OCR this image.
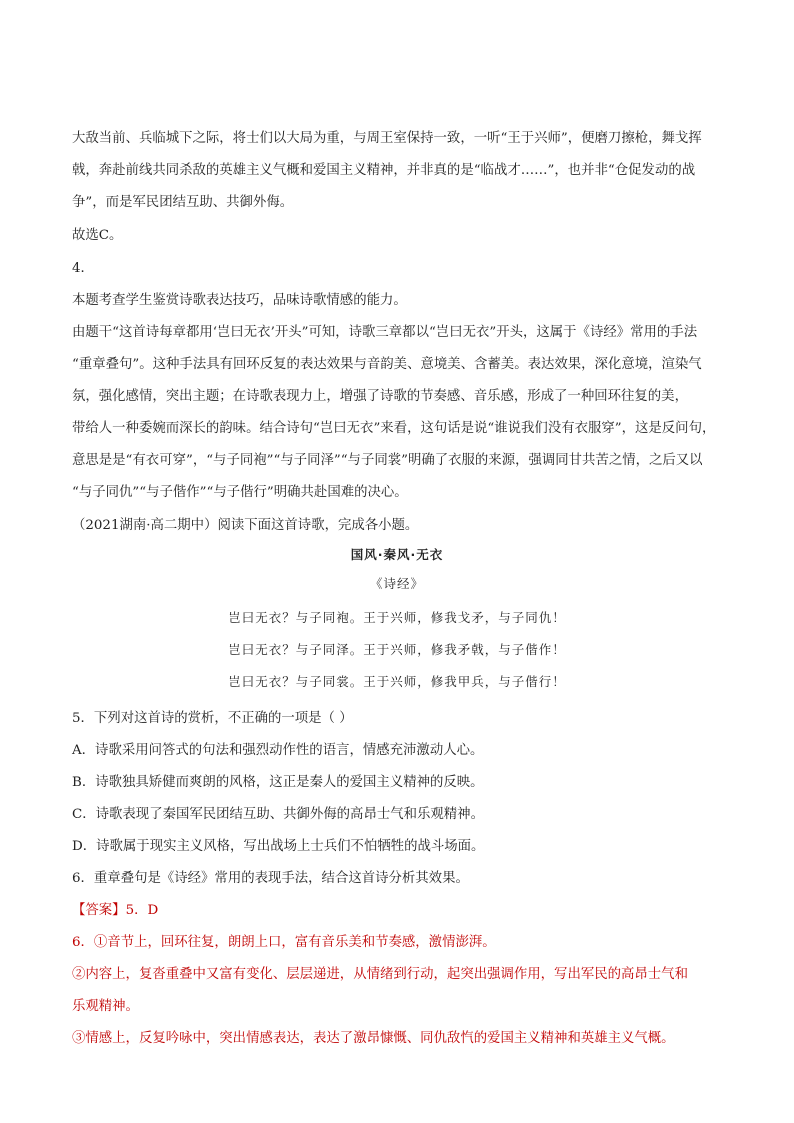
大敌当前、兵临城下之际，将士们以大局为重，与周王室保持一致，一听“王于兴师”，便磨刀擦枪，舞戈挥

戟，奔赴前线共同杀敌的英雄主义气概和爱国主义精神，并非真的是“临战才……”，也并非“仓促发动的战

争”，而是军民团结互助、共御外侮。

故选C。

4．

本题考查学生鉴赏诗歌表达技巧，品味诗歌情感的能力。

由题干“这首诗每章都用‘岂曰无衣’开头”可知，诗歌三章都以“岂曰无衣”开头，这属于《诗经》常用的手法

“重章叠句”。这种手法具有回环反复的表达效果与音韵美、意境美、含蓄美。表达效果，深化意境，渲染气

氛，强化感情，突出主题；在诗歌表现力上，增强了诗歌的节奏感、音乐感，形成了一种回环往复的美，

带给人一种委婉而深长的韵味。结合诗句“岂曰无衣”来看，这句话是说“谁说我们没有衣服穿”，这是反问句，

意思是是“有衣可穿”，“与子同袍”“与子同泽”“与子同裳”明确了衣服的来源，强调同甘共苦之情，之后又以

“与子同仇”“与子偕作”“与子偕行”明确共赴国难的决心。

（2021湖南·高二期中）阅读下面这首诗歌，完成各小题。

国风·秦风·无衣

《诗经》

岂曰无衣？与子同袍。王于兴师，修我戈矛，与子同仇！

岂曰无衣？与子同泽。王于兴师，修我矛戟，与子偕作！

岂曰无衣？与子同裳。王于兴师，修我甲兵，与子偕行！

5．下列对这首诗的赏析，不正确的一项是（ ）

A．诗歌采用问答式的句法和强烈动作性的语言，情感充沛激动人心。

B．诗歌独具矫健而爽朗的风格，这正是秦人的爱国主义精神的反映。

C．诗歌表现了秦国军民团结互助、共御外侮的高昂士气和乐观精神。

D．诗歌属于现实主义风格，写出战场上士兵们不怕牺牲的战斗场面。

6．重章叠句是《诗经》常用的表现手法，结合这首诗分析其效果。

【答案】5．D

6．①音节上，回环往复，朗朗上口，富有音乐美和节奏感，激情澎湃。

②内容上，复沓重叠中又富有变化、层层递进，从情绪到行动，起突出强调作用，写出军民的高昂士气和

乐观精神。

③情感上，反复吟咏中，突出情感表达，表达了激昂慷慨、同仇敌忾的爱国主义精神和英雄主义气概。
